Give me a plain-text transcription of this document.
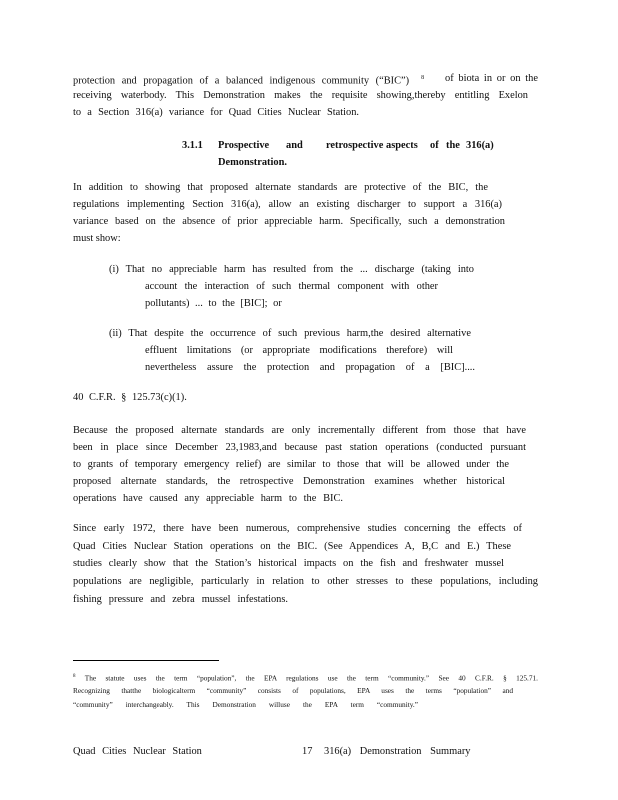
protection and propagation of a balanced indigenous community (“BIC”) $^8$ of biota in or on the
receiving waterbody. This Demonstration makes the requisite showing,thereby entitling Exelon
to a Section 316(a) variance for Quad Cities Nuclear Station.
3.1.1 Prospective and retrospective aspects of the 316(a)
Demonstration.
In addition to showing that proposed alternate standards are protective of the BIC, the
regulations implementing Section 316(a), allow an existing discharger to support a 316(a)
variance based on the absence of prior appreciable harm. Specifically, such a demonstration
must show:
(i) That no appreciable harm has resulted from the ... discharge (taking into
account the interaction of such thermal component with other
pollutants) ... to the [BIC]; or
(ii) That despite the occurrence of such previous harm,the desired alternative
effluent limitations (or appropriate modifications therefore) will
nevertheless assure the protection and propagation of a [BIC]....
40 C.F.R. § 125.73(c)(1).
Because the proposed alternate standards are only incrementally different from those that have
been in place since December 23,1983,and because past station operations (conducted pursuant
to grants of temporary emergency relief) are similar to those that will be allowed under the
proposed alternate standards, the retrospective Demonstration examines whether historical
operations have caused any appreciable harm to the BIC.
Since early 1972, there have been numerous, comprehensive studies concerning the effects of
Quad Cities Nuclear Station operations on the BIC. (See Appendices A, B,C and E.) These
studies clearly show that the Station’s historical impacts on the fish and freshwater mussel
populations are negligible, particularly in relation to other stresses to these populations, including
fishing pressure and zebra mussel infestations.
$^8$ The statute uses the term “population”, the EPA regulations use the term “community.” See 40 C.F.R. § 125.71.
Recognizing thatthe biologicalterm “community” consists of populations, EPA uses the terms “population” and
“community” interchangeably. This Demonstration willuse the EPA term “community.”
Quad Cities Nuclear Station	17 316(a) Demonstration Summary
